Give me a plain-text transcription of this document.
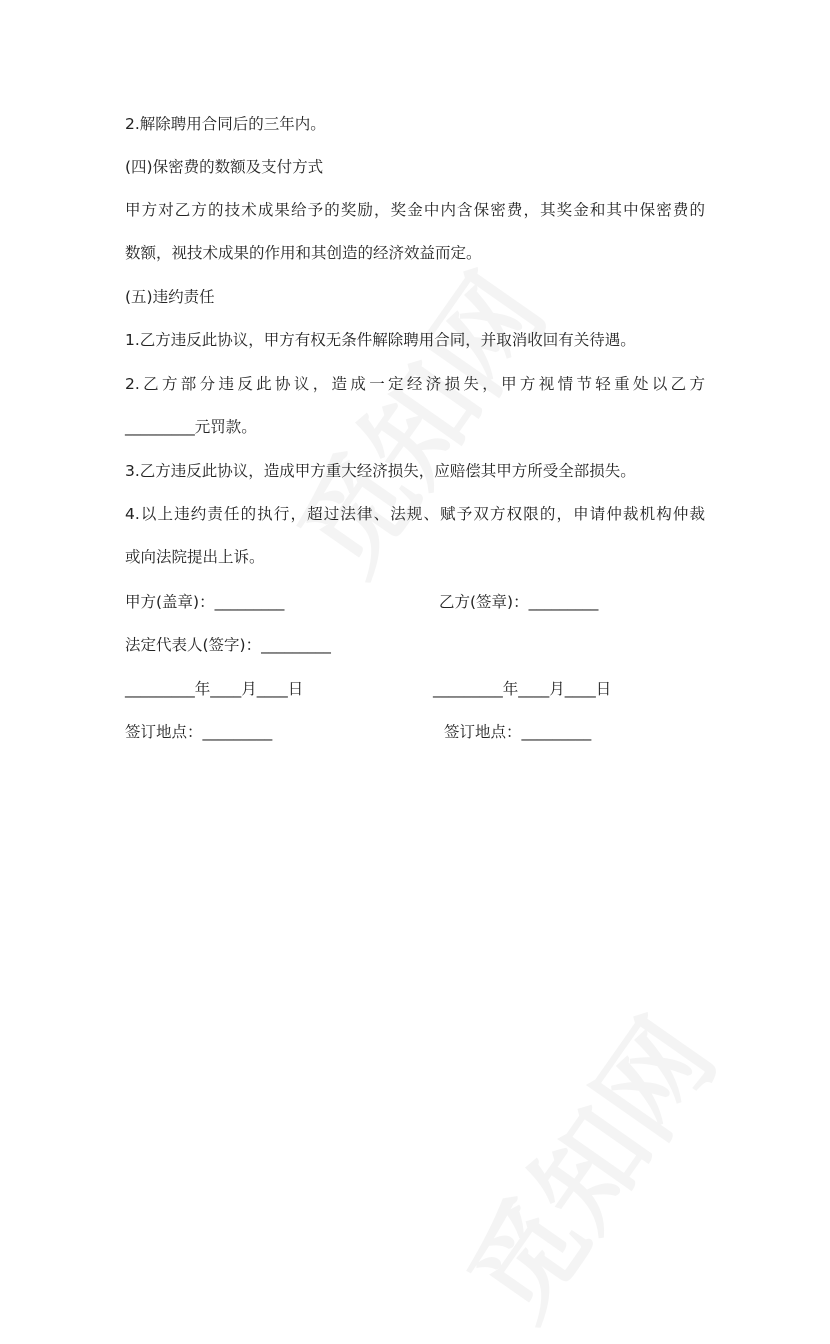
2.解除聘用合同后的三年内。
(四)保密费的数额及支付方式
甲方对乙方的技术成果给予的奖励，奖金中内含保密费，其奖金和其中保密费的
数额，视技术成果的作用和其创造的经济效益而定。
(五)违约责任
1.乙方违反此协议，甲方有权无条件解除聘用合同，并取消收回有关待遇。
2.乙方部分违反此协议，造成一定经济损失，甲方视情节轻重处以乙方
_________元罚款。
3.乙方违反此协议，造成甲方重大经济损失，应赔偿其甲方所受全部损失。
4.以上违约责任的执行，超过法律、法规、赋予双方权限的，申请仲裁机构仲裁
或向法院提出上诉。
甲方(盖章)：_________	乙方(签章)：_________
法定代表人(签字)：_________
_________年____月____日	_________年____月____日
签订地点：_________	签订地点：_________
